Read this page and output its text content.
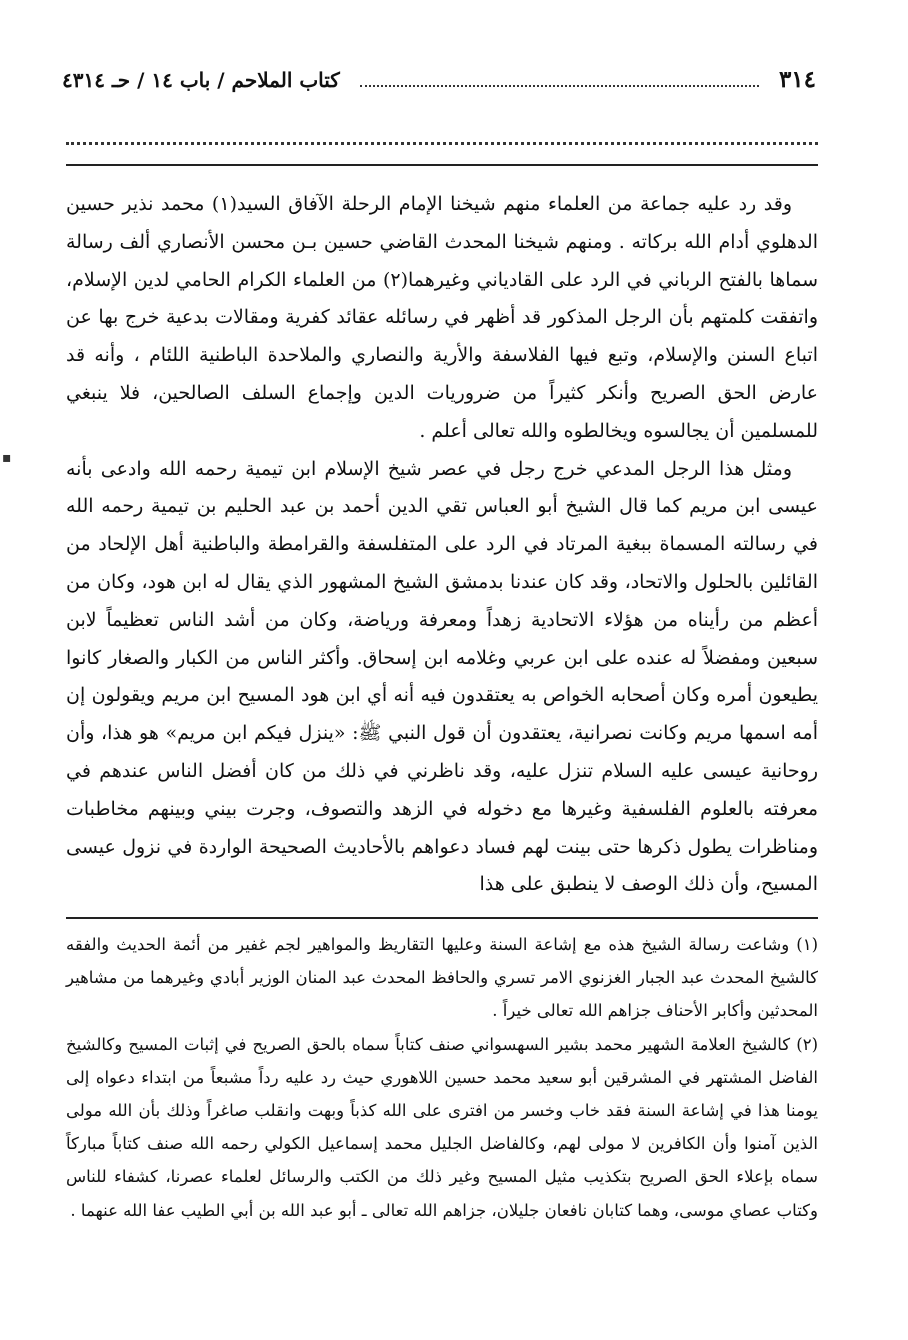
٣١٤
كتاب الملاحم / باب ١٤ / حـ ٤٣١٤

وقد رد عليه جماعة من العلماء منهم شيخنا الإمام الرحلة الآفاق السيد(١) محمد نذير حسين الدهلوي أدام الله بركاته . ومنهم شيخنا المحدث القاضي حسين بـن محسن الأنصاري ألف رسالة سماها بالفتح الرباني في الرد على القادياني وغيرهما(٢) من العلماء الكرام الحامي لدين الإسلام، واتفقت كلمتهم بأن الرجل المذكور قد أظهر في رسائله عقائد كفرية ومقالات بدعية خرج بها عن اتباع السنن والإسلام، وتبع فيها الفلاسفة والأرية والنصاري والملاحدة الباطنية اللئام ، وأنه قد عارض الحق الصريح وأنكر كثيراً من ضروريات الدين وإجماع السلف الصالحين، فلا ينبغي للمسلمين أن يجالسوه ويخالطوه والله تعالى أعلم .

ومثل هذا الرجل المدعي خرج رجل في عصر شيخ الإسلام ابن تيمية رحمه الله وادعى بأنه عيسى ابن مريم كما قال الشيخ أبو العباس تقي الدين أحمد بن عبد الحليم بن تيمية رحمه الله في رسالته المسماة ببغية المرتاد في الرد على المتفلسفة والقرامطة والباطنية أهل الإلحاد من القائلين بالحلول والاتحاد، وقد كان عندنا بدمشق الشيخ المشهور الذي يقال له ابن هود، وكان من أعظم من رأيناه من هؤلاء الاتحادية زهداً ومعرفة ورياضة، وكان من أشد الناس تعظيماً لابن سبعين ومفضلاً له عنده على ابن عربي وغلامه ابن إسحاق. وأكثر الناس من الكبار والصغار كانوا يطيعون أمره وكان أصحابه الخواص به يعتقدون فيه أنه أي ابن هود المسيح ابن مريم ويقولون إن أمه اسمها مريم وكانت نصرانية، يعتقدون أن قول النبي ﷺ: «ينزل فيكم ابن مريم» هو هذا، وأن روحانية عيسى عليه السلام تنزل عليه، وقد ناظرني في ذلك من كان أفضل الناس عندهم في معرفته بالعلوم الفلسفية وغيرها مع دخوله في الزهد والتصوف، وجرت بيني وبينهم مخاطبات ومناظرات يطول ذكرها حتى بينت لهم فساد دعواهم بالأحاديث الصحيحة الواردة في نزول عيسى المسيح، وأن ذلك الوصف لا ينطبق على هذا

(١) وشاعت رسالة الشيخ هذه مع إشاعة السنة وعليها التقاريظ والمواهير لجم غفير من أئمة الحديث والفقه كالشيخ المحدث عبد الجبار الغزنوي الامر تسري والحافظ المحدث عبد المنان الوزير أبادي وغيرهما من مشاهير المحدثين وأكابر الأحناف جزاهم الله تعالى خيراً .

(٢) كالشيخ العلامة الشهير محمد بشير السهسواني صنف كتاباً سماه بالحق الصريح في إثبات المسيح وكالشيخ الفاضل المشتهر في المشرقين أبو سعيد محمد حسين اللاهوري حيث رد عليه رداً مشبعاً من ابتداء دعواه إلى يومنا هذا في إشاعة السنة فقد خاب وخسر من افترى على الله كذباً وبهت وانقلب صاغراً وذلك بأن الله مولى الذين آمنوا وأن الكافرين لا مولى لهم، وكالفاضل الجليل محمد إسماعيل الكولي رحمه الله صنف كتاباً مباركاً سماه بإعلاء الحق الصريح بتكذيب مثيل المسيح وغير ذلك من الكتب والرسائل لعلماء عصرنا، كشفاء للناس وكتاب عصاي موسى، وهما كتابان نافعان جليلان، جزاهم الله تعالى ـ أبو عبد الله بن أبي الطيب عفا الله عنهما .

▪
